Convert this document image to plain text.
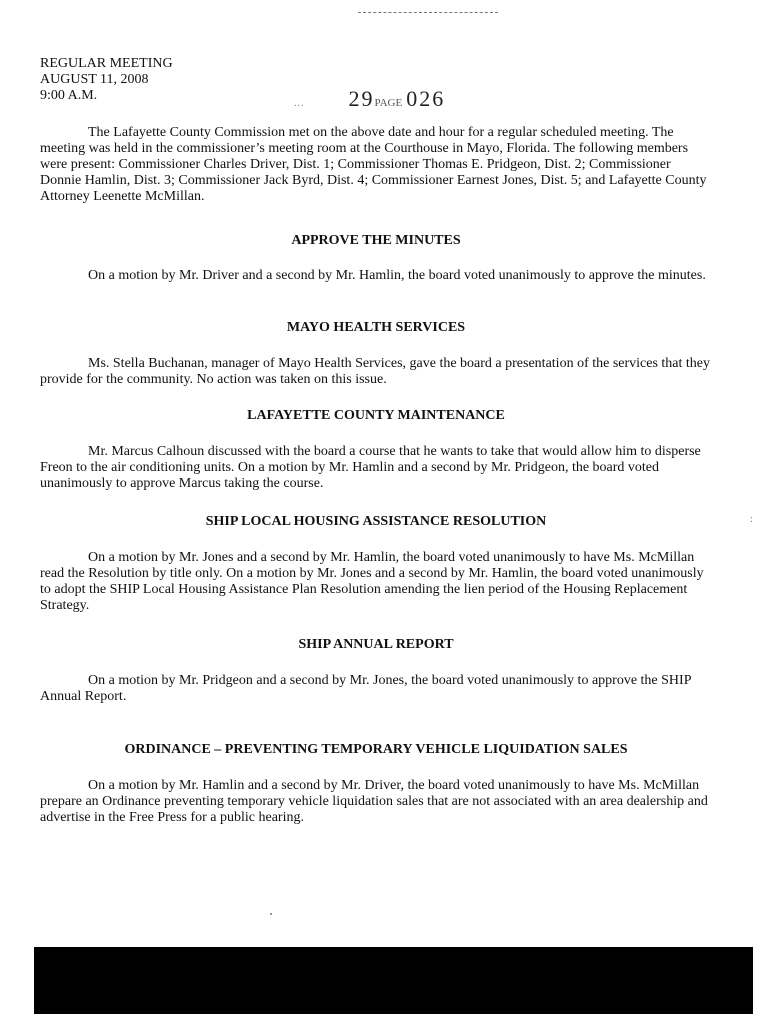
REGULAR MEETING
AUGUST 11, 2008
9:00 A.M.
... 29PAGE 026
The Lafayette County Commission met on the above date and hour for a regular scheduled meeting. The meeting was held in the commissioner’s meeting room at the Courthouse in Mayo, Florida. The following members were present: Commissioner Charles Driver, Dist. 1; Commissioner Thomas E. Pridgeon, Dist. 2; Commissioner Donnie Hamlin, Dist. 3; Commissioner Jack Byrd, Dist. 4; Commissioner Earnest Jones, Dist. 5; and Lafayette County Attorney Leenette McMillan.
APPROVE THE MINUTES
On a motion by Mr. Driver and a second by Mr. Hamlin, the board voted unanimously to approve the minutes.
MAYO HEALTH SERVICES
Ms. Stella Buchanan, manager of Mayo Health Services, gave the board a presentation of the services that they provide for the community. No action was taken on this issue.
LAFAYETTE COUNTY MAINTENANCE
Mr. Marcus Calhoun discussed with the board a course that he wants to take that would allow him to disperse Freon to the air conditioning units. On a motion by Mr. Hamlin and a second by Mr. Pridgeon, the board voted unanimously to approve Marcus taking the course.
SHIP LOCAL HOUSING ASSISTANCE RESOLUTION
On a motion by Mr. Jones and a second by Mr. Hamlin, the board voted unanimously to have Ms. McMillan read the Resolution by title only. On a motion by Mr. Jones and a second by Mr. Hamlin, the board voted unanimously to adopt the SHIP Local Housing Assistance Plan Resolution amending the lien period of the Housing Replacement Strategy.
SHIP ANNUAL REPORT
On a motion by Mr. Pridgeon and a second by Mr. Jones, the board voted unanimously to approve the SHIP Annual Report.
ORDINANCE – PREVENTING TEMPORARY VEHICLE LIQUIDATION SALES
On a motion by Mr. Hamlin and a second by Mr. Driver, the board voted unanimously to have Ms. McMillan prepare an Ordinance preventing temporary vehicle liquidation sales that are not associated with an area dealership and advertise in the Free Press for a public hearing.
:
